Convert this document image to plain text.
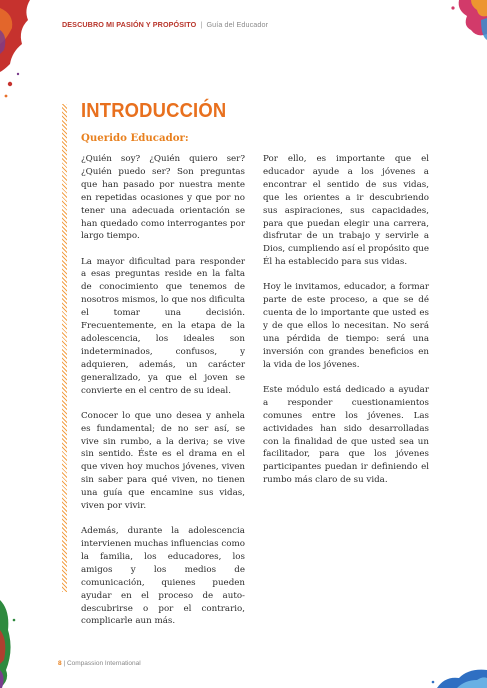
DESCUBRO MI PASIÓN Y PROPÓSITO | Guía del Educador
INTRODUCCIÓN
Querido Educador:

¿Quién soy? ¿Quién quiero ser? ¿Quién puedo ser? Son preguntas que han pasado por nuestra mente en repetidas ocasiones y que por no tener una adecuada orientación se han quedado como interrogantes por largo tiempo.

La mayor dificultad para responder a esas preguntas reside en la falta de conocimiento que tenemos de nosotros mismos, lo que nos dificulta el tomar una decisión. Frecuentemente, en la etapa de la adolescencia, los ideales son indeterminados, confusos, y adquieren, además, un carácter generalizado, ya que el joven se convierte en el centro de su ideal.

Conocer lo que uno desea y anhela es fundamental; de no ser así, se vive sin rumbo, a la deriva; se vive sin sentido. Éste es el drama en el que viven hoy muchos jóvenes, viven sin saber para qué viven, no tienen una guía que encamine sus vidas, viven por vivir.

Además, durante la adolescencia intervienen muchas influencias como la familia, los educadores, los amigos y los medios de comunicación, quienes pueden ayudar en el proceso de auto-descubrirse o por el contrario, complicarle aun más.

Por ello, es importante que el educador ayude a los jóvenes a encontrar el sentido de sus vidas, que les orientes a ir descubriendo sus aspiraciones, sus capacidades, para que puedan elegir una carrera, disfrutar de un trabajo y servirle a Dios, cumpliendo así el propósito que Él ha establecido para sus vidas.

Hoy le invitamos, educador, a formar parte de este proceso, a que se dé cuenta de lo importante que usted es y de que ellos lo necesitan. No será una pérdida de tiempo: será una inversión con grandes beneficios en la vida de los jóvenes.

Este módulo está dedicado a ayudar a responder cuestionamientos comunes entre los jóvenes. Las actividades han sido desarrolladas con la finalidad de que usted sea un facilitador, para que los jóvenes participantes puedan ir definiendo el rumbo más claro de su vida.

8 | Compassion International
